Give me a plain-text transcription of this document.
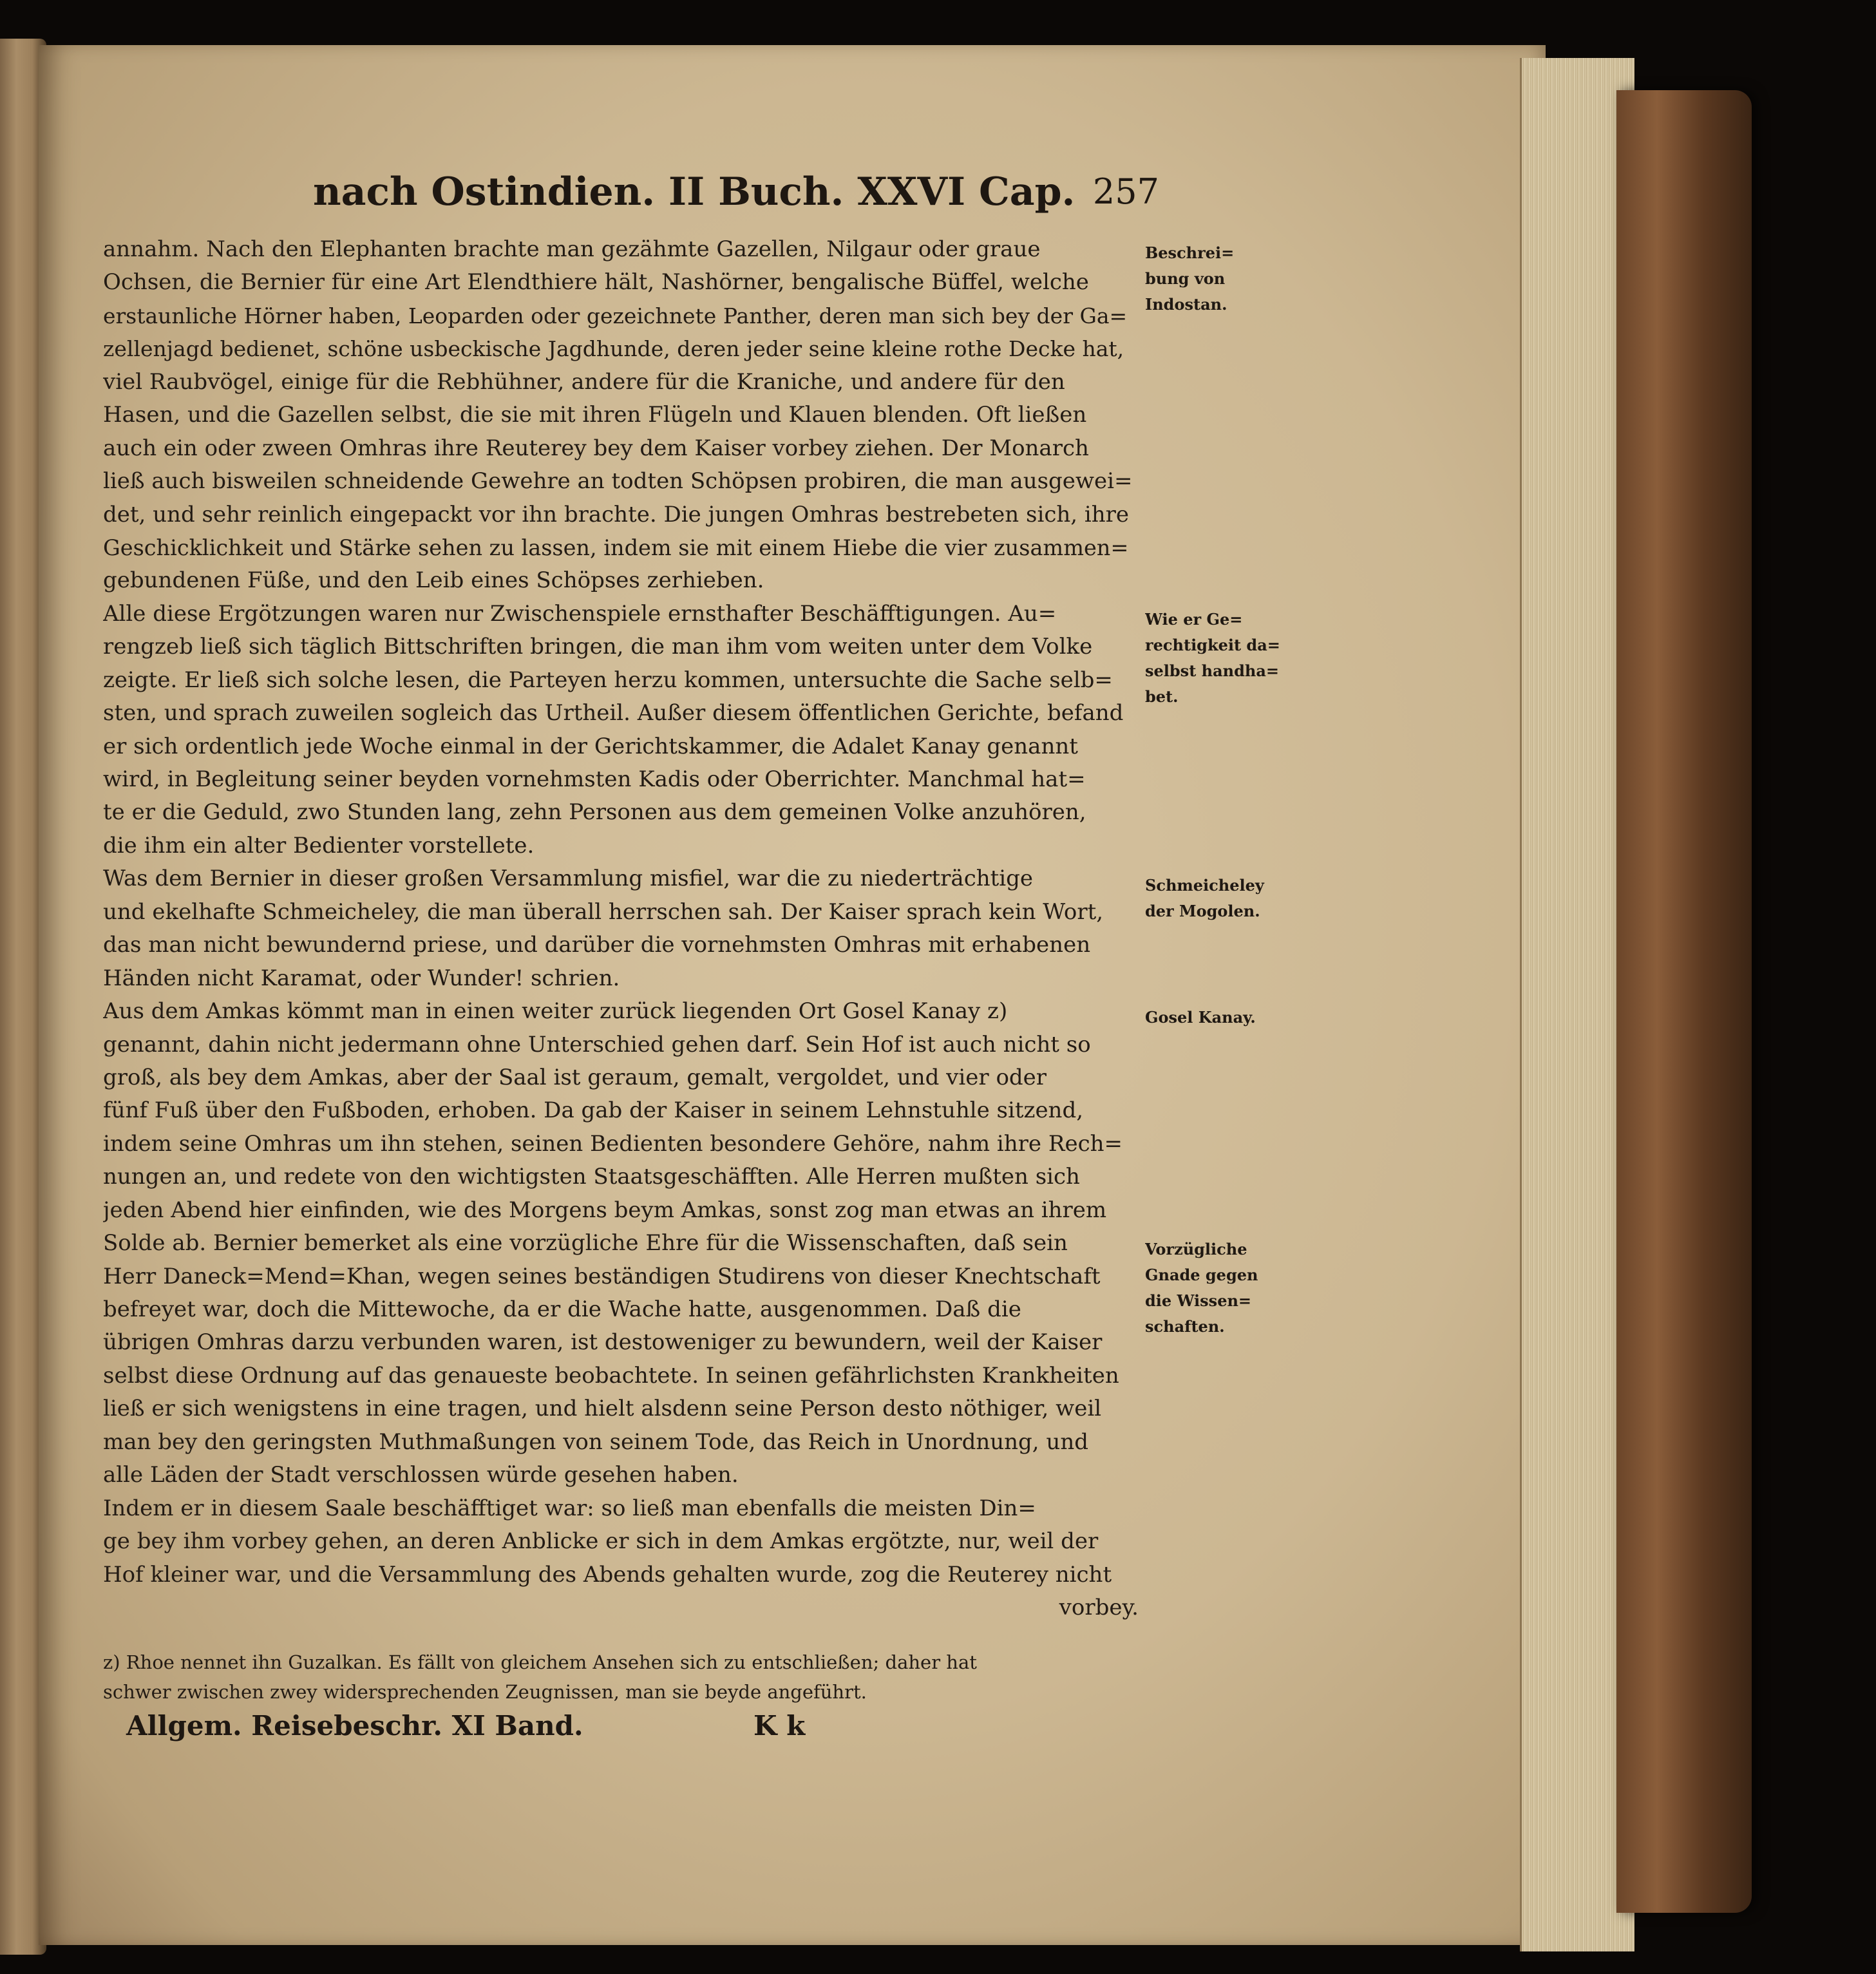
nach Ostindien. II Buch. XXVI Cap. 257
annahm. Nach den Elephanten brachte man gezähmte Gazellen, Nilgaur oder graue
Ochsen, die Bernier für eine Art Elendthiere hält, Nashörner, bengalische Büffel, welche
erstaunliche Hörner haben, Leoparden oder gezeichnete Panther, deren man sich bey der Ga=
zellenjagd bedienet, schöne usbeckische Jagdhunde, deren jeder seine kleine rothe Decke hat,
viel Raubvögel, einige für die Rebhühner, andere für die Kraniche, und andere für den
Hasen, und die Gazellen selbst, die sie mit ihren Flügeln und Klauen blenden. Oft ließen
auch ein oder zween Omhras ihre Reuterey bey dem Kaiser vorbey ziehen. Der Monarch
ließ auch bisweilen schneidende Gewehre an todten Schöpsen probiren, die man ausgewei=
det, und sehr reinlich eingepackt vor ihn brachte. Die jungen Omhras bestrebeten sich, ihre
Geschicklichkeit und Stärke sehen zu lassen, indem sie mit einem Hiebe die vier zusammen=
gebundenen Füße, und den Leib eines Schöpses zerhieben.
Alle diese Ergötzungen waren nur Zwischenspiele ernsthafter Beschäfftigungen. Au=
rengzeb ließ sich täglich Bittschriften bringen, die man ihm vom weiten unter dem Volke
zeigte. Er ließ sich solche lesen, die Parteyen herzu kommen, untersuchte die Sache selb=
sten, und sprach zuweilen sogleich das Urtheil. Außer diesem öffentlichen Gerichte, befand
er sich ordentlich jede Woche einmal in der Gerichtskammer, die Adalet Kanay genannt
wird, in Begleitung seiner beyden vornehmsten Kadis oder Oberrichter. Manchmal hat=
te er die Geduld, zwo Stunden lang, zehn Personen aus dem gemeinen Volke anzuhören,
die ihm ein alter Bedienter vorstellete.
Was dem Bernier in dieser großen Versammlung misfiel, war die zu niederträchtige
und ekelhafte Schmeicheley, die man überall herrschen sah. Der Kaiser sprach kein Wort,
das man nicht bewundernd priese, und darüber die vornehmsten Omhras mit erhabenen
Händen nicht Karamat, oder Wunder! schrien.
Aus dem Amkas kömmt man in einen weiter zurück liegenden Ort Gosel Kanay z)
genannt, dahin nicht jedermann ohne Unterschied gehen darf. Sein Hof ist auch nicht so
groß, als bey dem Amkas, aber der Saal ist geraum, gemalt, vergoldet, und vier oder
fünf Fuß über den Fußboden, erhoben. Da gab der Kaiser in seinem Lehnstuhle sitzend,
indem seine Omhras um ihn stehen, seinen Bedienten besondere Gehöre, nahm ihre Rech=
nungen an, und redete von den wichtigsten Staatsgeschäfften. Alle Herren mußten sich
jeden Abend hier einfinden, wie des Morgens beym Amkas, sonst zog man etwas an ihrem
Solde ab. Bernier bemerket als eine vorzügliche Ehre für die Wissenschaften, daß sein
Herr Daneck=Mend=Khan, wegen seines beständigen Studirens von dieser Knechtschaft
befreyet war, doch die Mittewoche, da er die Wache hatte, ausgenommen. Daß die
übrigen Omhras darzu verbunden waren, ist destoweniger zu bewundern, weil der Kaiser
selbst diese Ordnung auf das genaueste beobachtete. In seinen gefährlichsten Krankheiten
ließ er sich wenigstens in eine tragen, und hielt alsdenn seine Person desto nöthiger, weil
man bey den geringsten Muthmaßungen von seinem Tode, das Reich in Unordnung, und
alle Läden der Stadt verschlossen würde gesehen haben.
Indem er in diesem Saale beschäfftiget war: so ließ man ebenfalls die meisten Din=
ge bey ihm vorbey gehen, an deren Anblicke er sich in dem Amkas ergötzte, nur, weil der
Hof kleiner war, und die Versammlung des Abends gehalten wurde, zog die Reuterey nicht
vorbey.
Beschrei=
bung von
Indostan.
Wie er Ge=
rechtigkeit da=
selbst handha=
bet.
Schmeicheley
der Mogolen.
Gosel Kanay.
Vorzügliche
Gnade gegen
die Wissen=
schaften.
z) Rhoe nennet ihn Guzalkan. Es fällt von gleichem Ansehen sich zu entschließen; daher hat
schwer zwischen zwey widersprechenden Zeugnissen, man sie beyde angeführt.
Allgem. Reisebeschr. XI Band.	K k
